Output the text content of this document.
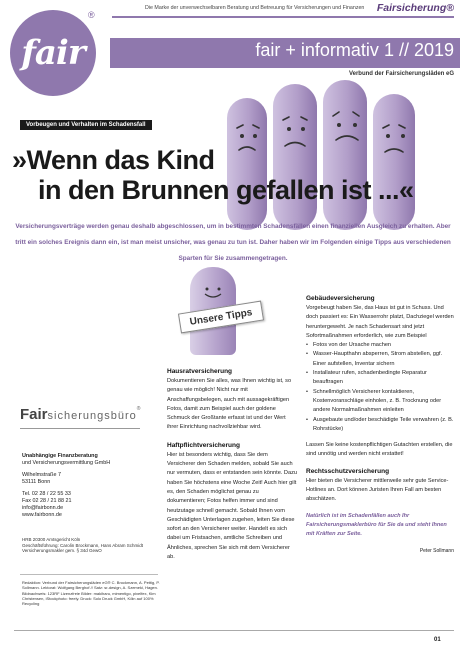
fair
®
Die Marke der unverwechselbaren Beratung und Betreuung für Versicherungen und Finanzen Fairsicherung®
fair + informativ 1 // 2019
Verbund der Fairsicherungsläden eG
Vorbeugen und Verhalten im Schadensfall
»Wenn das Kind
in den Brunnen gefallen ist ...«

Versicherungsverträge werden genau deshalb abgeschlossen, um in bestimmten Schadensfällen einen finanziellen Ausgleich zu erhalten. Aber tritt ein solches Ereignis dann ein, ist man meist unsicher, was genau zu tun ist. Daher haben wir im Folgenden einige Tipps aus verschiedenen Sparten für Sie zusammengetragen.

Fairsicherungsbüro®
Unabhängige Finanzberatung
und Versicherungsvermittlung GmbH
Wilhelmstraße 7
53111 Bonn
Tel. 02 28 / 22 55 33
Fax 02 28 / 21 88 21
info@fairbonn.de
www.fairbonn.de
HRB 20300 Amtsgericht Köln
Geschäftsführung: Carolin Brockmann, Hans Abram Schmidt
Versicherungsmakler gem. § 34d GewO
Redaktion: Verbund der Fairsicherungsläden eG® C. Brockmann, A. Pettig, P. Sollmann. Lektorat: Wolfgang Berghof // Satz: sr-design, A. Szemeki, Hagen. Bildnachweis: 123RF Lizenzfreie Bilder: makiharu, mimentigo, pixelfex, Kim Christensen, iStockphoto: freely. Druck: Solo Druck GmbH, Köln auf 100% Recycling
Unsere Tipps
Hausratversicherung

Dokumentieren Sie alles, was Ihnen wichtig ist, so genau wie möglich! Nicht nur mit Anschaffungsbelegen, auch mit aussagekräftigen Fotos, damit zum Beispiel auch der goldene Schmuck der Großtante erfasst ist und der Wert ihrer Einrichtung nachvollziehbar wird.

Haftpflichtversicherung

Hier ist besonders wichtig, dass Sie dem Versicherer den Schaden melden, sobald Sie auch nur vermuten, dass er entstanden sein könnte. Dazu haben Sie höchstens eine Woche Zeit! Auch hier gilt es, den Schaden möglichst genau zu dokumentieren; Fotos helfen immer und sind heutzutage schnell gemacht. Sobald Ihnen vom Geschädigten Unterlagen zugehen, leiten Sie diese sofort an den Versicherer weiter. Handelt es sich dabei um Fristsachen, amtliche Schreiben und Ähnliches, sprechen Sie sich mit dem Versicherer ab.

Gebäudeversicherung

Vorgebeugt haben Sie, das Haus ist gut in Schuss. Und doch passiert es: Ein Wasserrohr platzt, Dachziegel werden heruntergeweht. Je nach Schadensart sind jetzt Sofortmaßnahmen erforderlich, wie zum Beispiel

• Fotos von der Ursache machen
• Wasser-Haupthahn absperren, Strom abstellen, ggf. Einer aufstellen, Inventar sichern
• Installateur rufen, schadenbedingte Reparatur beauftragen
• Schnellmöglich Versicherer kontaktieren, Kostenvoranschläge einholen, z. B. Trocknung oder andere Normalmaßnahmen einleiten
• Ausgebaute und/oder beschädigte Teile verwahren (z. B. Rohrstücke)

Lassen Sie keine kostenpflichtigen Gutachten erstellen, die sind unnötig und werden nicht erstattet!

Rechtsschutzversicherung

Hier bieten die Versicherer mittlerweile sehr gute Service-Hotlines an. Dort können Juristen Ihren Fall am besten abschätzen.

Natürlich ist im Schadenfällen auch Ihr Fairsicherungsmaklerbüro für Sie da und steht Ihnen mit Kräften zur Seite.

Peter Sollmann
01
